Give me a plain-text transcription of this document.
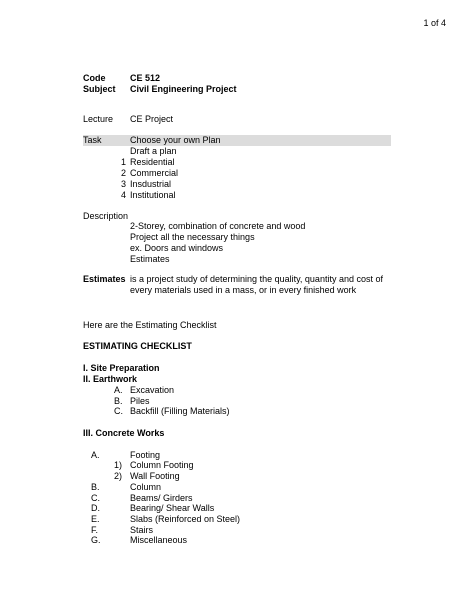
1 of 4
Code	CE 512
Subject Civil Engineering Project
Lecture CE Project
Task	Choose your own Plan
Draft a plan
1 Residential
2 Commercial
3 Insdustrial
4 Institutional
Description
2-Storey, combination of concrete and wood
Project all the necessary things
ex. Doors and windows
Estimates
Estimates is a project study of determining the quality, quantity and cost of
every materials used in a mass, or in every finished work
Here are the Estimating Checklist
ESTIMATING CHECKLIST
I. Site Preparation
II. Earthwork
A. Excavation
B. Piles
C. Backfill (Filling Materials)
III. Concrete Works
A.	Footing
1) Column Footing
2) Wall Footing
B.	Column
C.	Beams/ Girders
D.	Bearing/ Shear Walls
E.	Slabs (Reinforced on Steel)
F.	Stairs
G.	Miscellaneous
